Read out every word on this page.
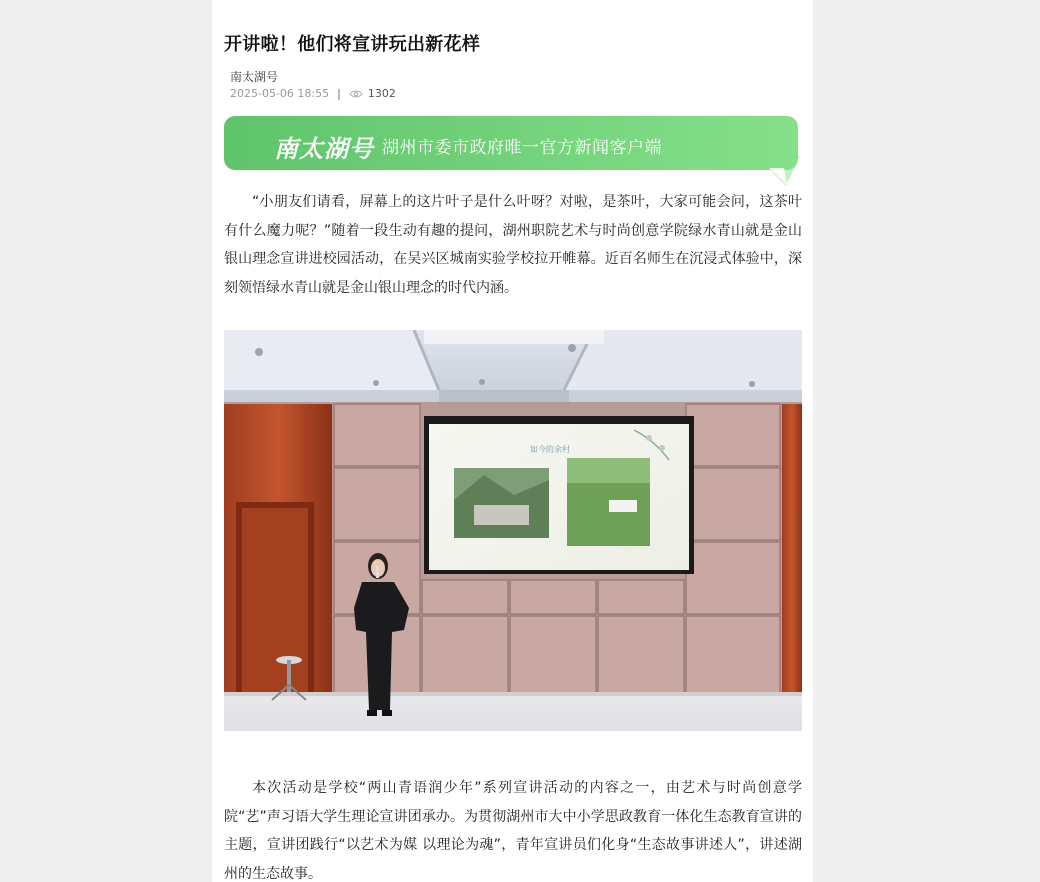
开讲啦！他们将宣讲玩出新花样
南太湖号
2025-05-06 18:55 | 1302
南太湖号 湖州市委市政府唯一官方新闻客户端

“小朋友们请看，屏幕上的这片叶子是什么叶呀？对啦，是茶叶，大家可能会问，这茶叶有什么魔力呢？”随着一段生动有趣的提问，湖州职院艺术与时尚创意学院绿水青山就是金山银山理念宣讲进校园活动，在吴兴区城南实验学校拉开帷幕。近百名师生在沉浸式体验中，深刻领悟绿水青山就是金山银山理念的时代内涵。

如今的余村

本次活动是学校“两山青语润少年”系列宣讲活动的内容之一，由艺术与时尚创意学院“艺”声习语大学生理论宣讲团承办。为贯彻湖州市大中小学思政教育一体化生态教育宣讲的主题，宣讲团践行“以艺术为媒 以理论为魂”，青年宣讲员们化身“生态故事讲述人”，讲述湖州的生态故事。
